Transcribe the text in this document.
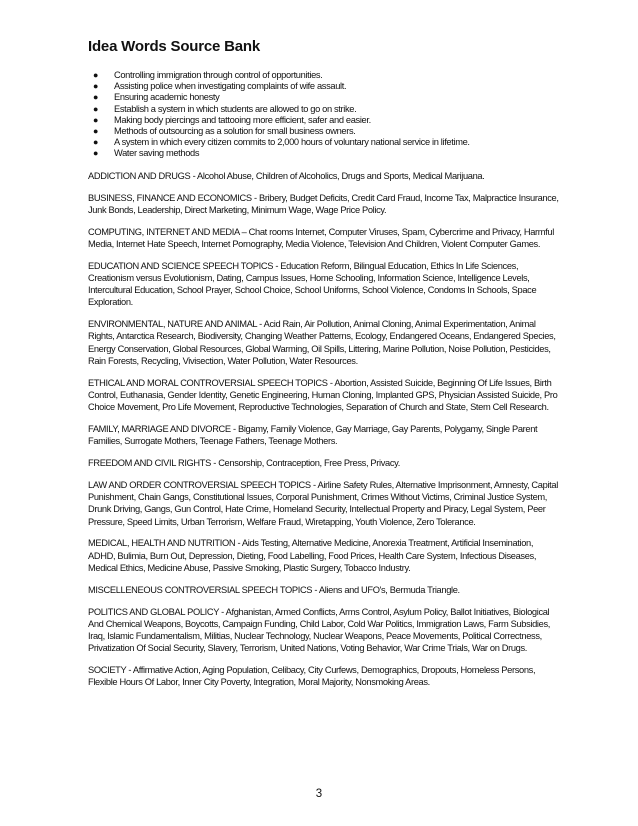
Idea Words Source Bank
● Controlling immigration through control of opportunities.
● Assisting police when investigating complaints of wife assault.
● Ensuring academic honesty
● Establish a system in which students are allowed to go on strike.
● Making body piercings and tattooing more efficient, safer and easier.
● Methods of outsourcing as a solution for small business owners.
● A system in which every citizen commits to 2,000 hours of voluntary national service in lifetime.
● Water saving methods

ADDICTION AND DRUGS - Alcohol Abuse, Children of Alcoholics, Drugs and Sports, Medical Marijuana.

BUSINESS, FINANCE AND ECONOMICS - Bribery, Budget Deficits, Credit Card Fraud, Income Tax, Malpractice Insurance, Junk Bonds, Leadership, Direct Marketing, Minimum Wage, Wage Price Policy.

COMPUTING, INTERNET AND MEDIA – Chat rooms Internet, Computer Viruses, Spam, Cybercrime and Privacy, Harmful Media, Internet Hate Speech, Internet Pornography, Media Violence, Television And Children, Violent Computer Games.

EDUCATION AND SCIENCE SPEECH TOPICS - Education Reform, Bilingual Education, Ethics In Life Sciences, Creationism versus Evolutionism, Dating, Campus Issues, Home Schooling, Information Science, Intelligence Levels, Intercultural Education, School Prayer, School Choice, School Uniforms, School Violence, Condoms In Schools, Space Exploration.

ENVIRONMENTAL, NATURE AND ANIMAL - Acid Rain, Air Pollution, Animal Cloning, Animal Experimentation, Animal Rights, Antarctica Research, Biodiversity, Changing Weather Patterns, Ecology, Endangered Oceans, Endangered Species, Energy Conservation, Global Resources, Global Warming, Oil Spills, Littering, Marine Pollution, Noise Pollution, Pesticides, Rain Forests, Recycling, Vivisection, Water Pollution, Water Resources.

ETHICAL AND MORAL CONTROVERSIAL SPEECH TOPICS - Abortion, Assisted Suicide, Beginning Of Life Issues, Birth Control, Euthanasia, Gender Identity, Genetic Engineering, Human Cloning, Implanted GPS, Physician Assisted Suicide, Pro Choice Movement, Pro Life Movement, Reproductive Technologies, Separation of Church and State, Stem Cell Research.

FAMILY, MARRIAGE AND DIVORCE - Bigamy, Family Violence, Gay Marriage, Gay Parents, Polygamy, Single Parent Families, Surrogate Mothers, Teenage Fathers, Teenage Mothers.

FREEDOM AND CIVIL RIGHTS - Censorship, Contraception, Free Press, Privacy.

LAW AND ORDER CONTROVERSIAL SPEECH TOPICS - Airline Safety Rules, Alternative Imprisonment, Amnesty, Capital Punishment, Chain Gangs, Constitutional Issues, Corporal Punishment, Crimes Without Victims, Criminal Justice System, Drunk Driving, Gangs, Gun Control, Hate Crime, Homeland Security, Intellectual Property and Piracy, Legal System, Peer Pressure, Speed Limits, Urban Terrorism, Welfare Fraud, Wiretapping, Youth Violence, Zero Tolerance.

MEDICAL, HEALTH AND NUTRITION - Aids Testing, Alternative Medicine, Anorexia Treatment, Artificial Insemination, ADHD, Bulimia, Burn Out, Depression, Dieting, Food Labelling, Food Prices, Health Care System, Infectious Diseases, Medical Ethics, Medicine Abuse, Passive Smoking, Plastic Surgery, Tobacco Industry.

MISCELLENEOUS CONTROVERSIAL SPEECH TOPICS - Aliens and UFO's, Bermuda Triangle.

POLITICS AND GLOBAL POLICY - Afghanistan, Armed Conflicts, Arms Control, Asylum Policy, Ballot Initiatives, Biological And Chemical Weapons, Boycotts, Campaign Funding, Child Labor, Cold War Politics, Immigration Laws, Farm Subsidies, Iraq, Islamic Fundamentalism, Militias, Nuclear Technology, Nuclear Weapons, Peace Movements, Political Correctness, Privatization Of Social Security, Slavery, Terrorism, United Nations, Voting Behavior, War Crime Trials, War on Drugs.

SOCIETY - Affirmative Action, Aging Population, Celibacy, City Curfews, Demographics, Dropouts, Homeless Persons, Flexible Hours Of Labor, Inner City Poverty, Integration, Moral Majority, Nonsmoking Areas.

3
